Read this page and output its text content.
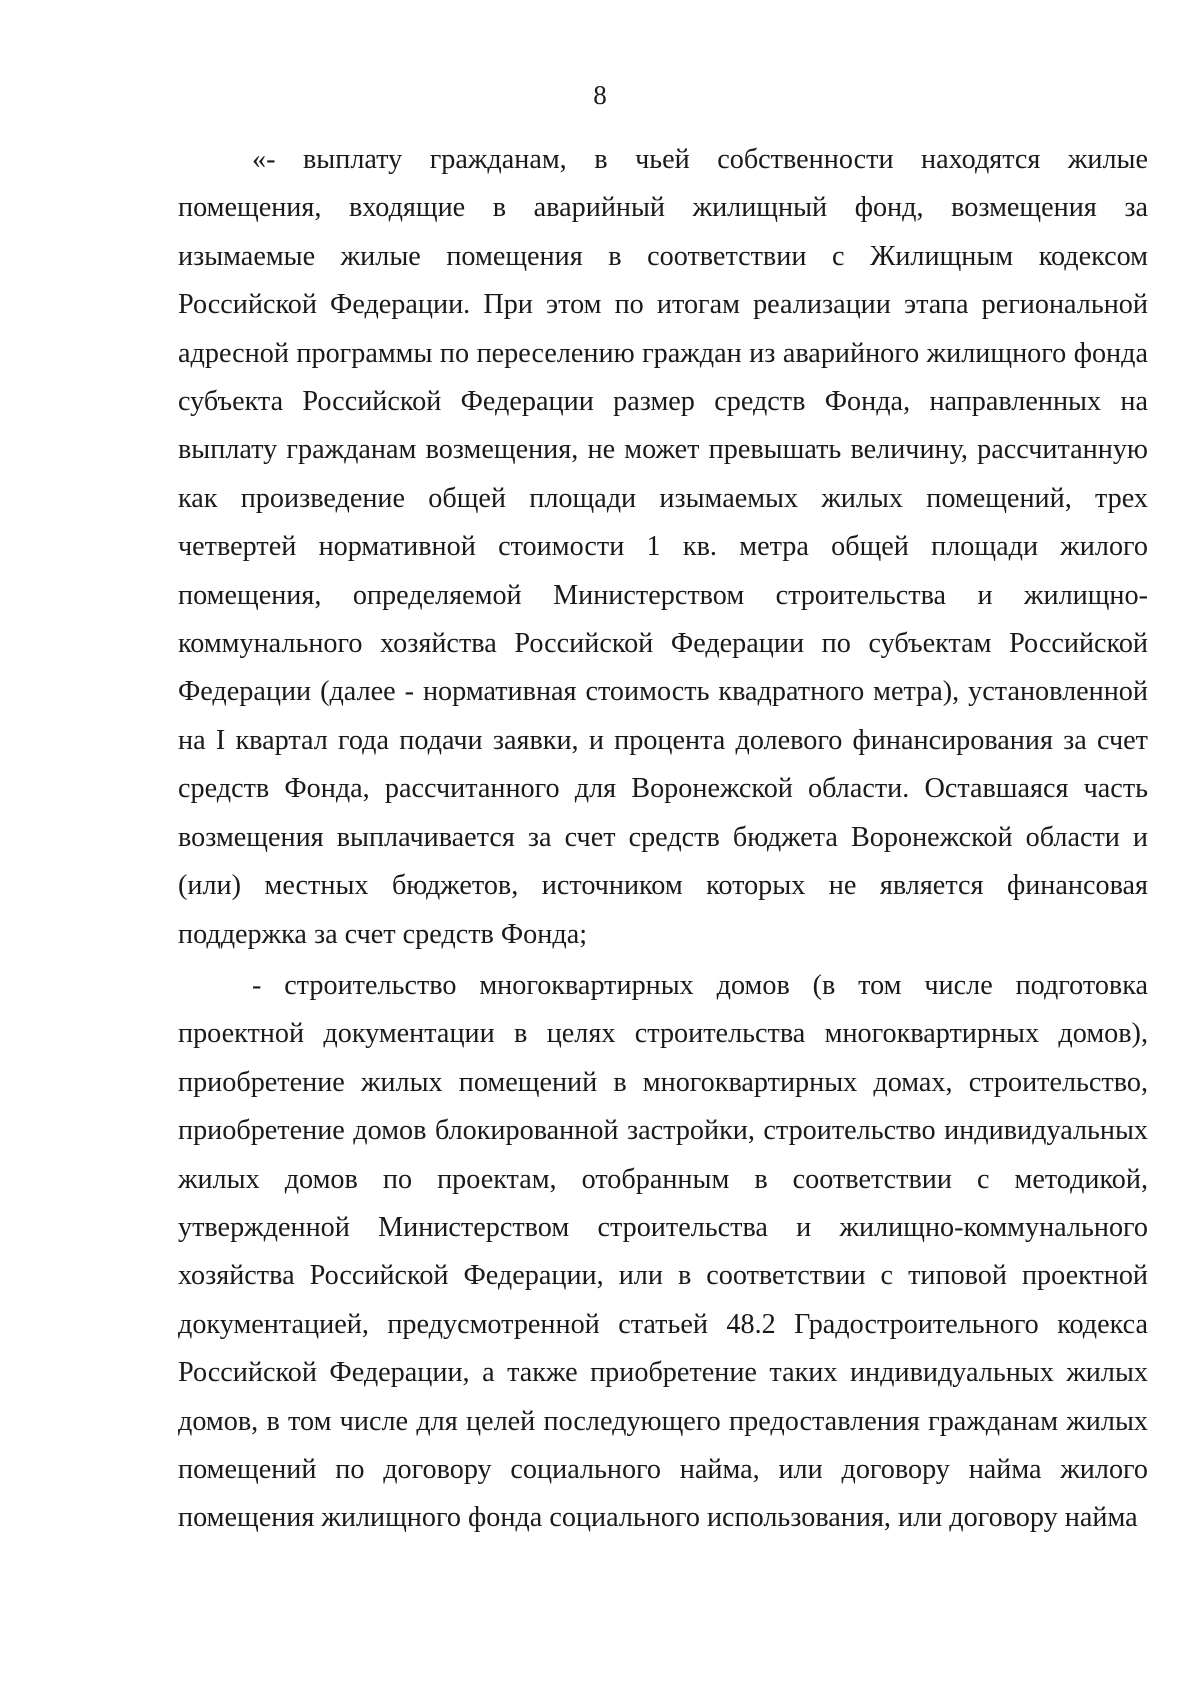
8

«- выплату гражданам, в чьей собственности находятся жилые помещения, входящие в аварийный жилищный фонд, возмещения за изымаемые жилые помещения в соответствии с Жилищным кодексом Российской Федерации. При этом по итогам реализации этапа региональной адресной программы по переселению граждан из аварийного жилищного фонда субъекта Российской Федерации размер средств Фонда, направленных на выплату гражданам возмещения, не может превышать величину, рассчитанную как произведение общей площади изымаемых жилых помещений, трех четвертей нормативной стоимости 1 кв. метра общей площади жилого помещения, определяемой Министерством строительства и жилищно-коммунального хозяйства Российской Федерации по субъектам Российской Федерации (далее - нормативная стоимость квадратного метра), установленной на I квартал года подачи заявки, и процента долевого финансирования за счет средств Фонда, рассчитанного для Воронежской области. Оставшаяся часть возмещения выплачивается за счет средств бюджета Воронежской области и (или) местных бюджетов, источником которых не является финансовая поддержка за счет средств Фонда;

- строительство многоквартирных домов (в том числе подготовка проектной документации в целях строительства многоквартирных домов), приобретение жилых помещений в многоквартирных домах, строительство, приобретение домов блокированной застройки, строительство индивидуальных жилых домов по проектам, отобранным в соответствии с методикой, утвержденной Министерством строительства и жилищно-коммунального хозяйства Российской Федерации, или в соответствии с типовой проектной документацией, предусмотренной статьей 48.2 Градостроительного кодекса Российской Федерации, а также приобретение таких индивидуальных жилых домов, в том числе для целей последующего предоставления гражданам жилых помещений по договору социального найма, или договору найма жилого помещения жилищного фонда социального использования, или договору найма
